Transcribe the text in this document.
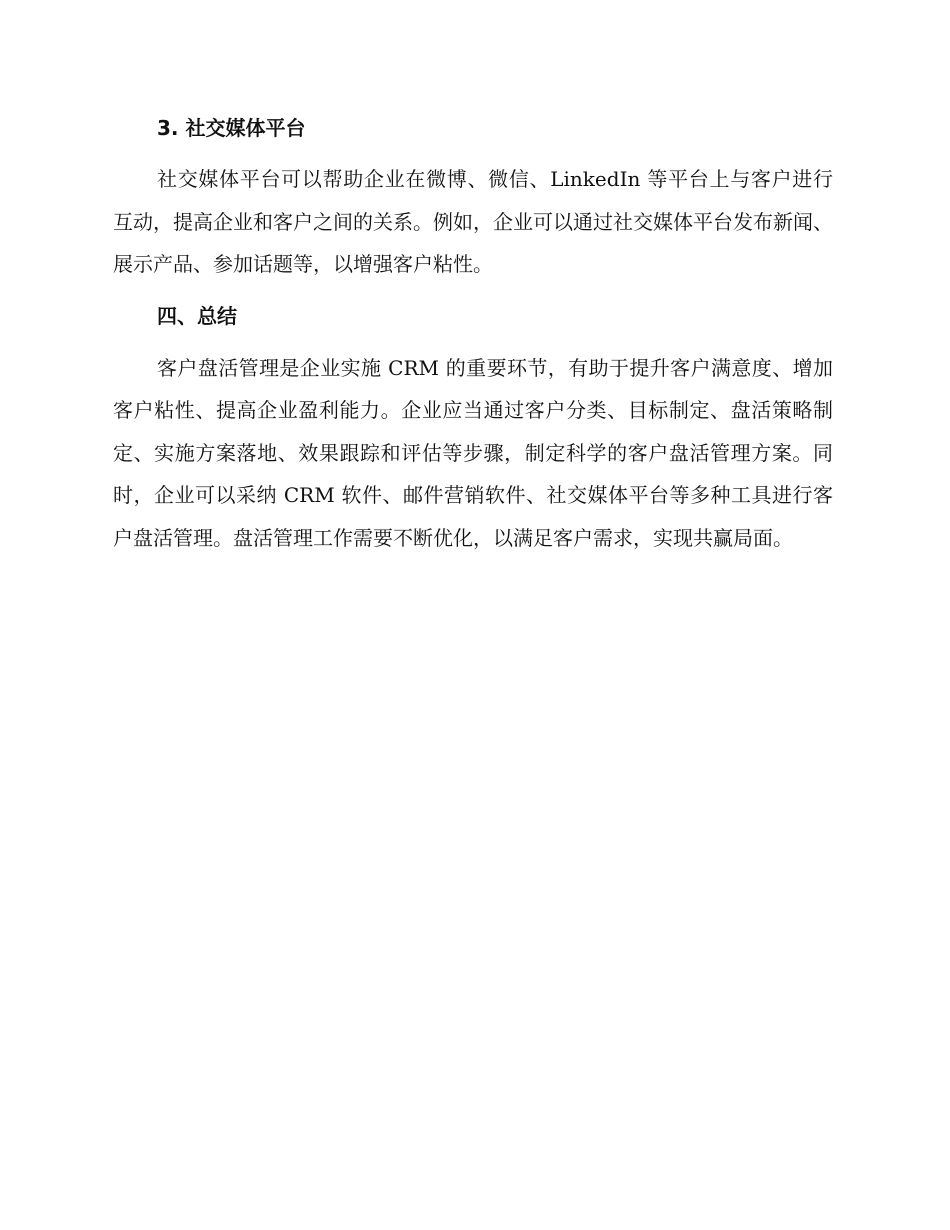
3. 社交媒体平台

社交媒体平台可以帮助企业在微博、微信、LinkedIn 等平台上与客户进行互动，提高企业和客户之间的关系。例如，企业可以通过社交媒体平台发布新闻、展示产品、参加话题等，以增强客户粘性。

四、总结

客户盘活管理是企业实施 CRM 的重要环节，有助于提升客户满意度、增加客户粘性、提高企业盈利能力。企业应当通过客户分类、目标制定、盘活策略制定、实施方案落地、效果跟踪和评估等步骤，制定科学的客户盘活管理方案。同时，企业可以采纳 CRM 软件、邮件营销软件、社交媒体平台等多种工具进行客户盘活管理。盘活管理工作需要不断优化，以满足客户需求，实现共赢局面。
